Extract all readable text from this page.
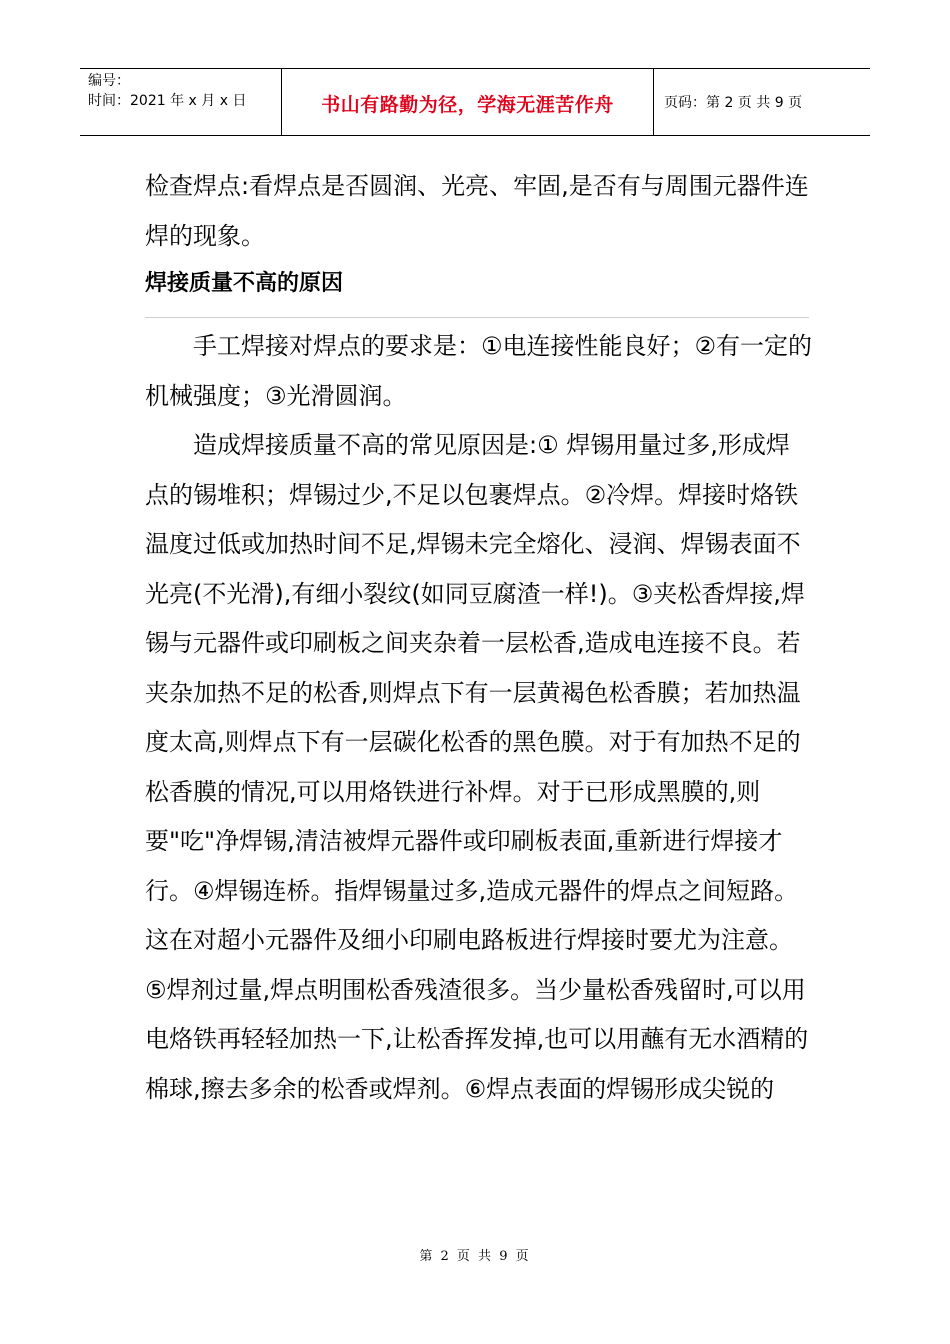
编号：
时间：2021 年 x 月 x 日	书山有路勤为径，学海无涯苦作舟	页码：第 2 页 共 9 页

检查焊点:看焊点是否圆润、光亮、牢固,是否有与周围元器件连焊的现象。

焊接质量不高的原因

手工焊接对焊点的要求是：①电连接性能良好；②有一定的机械强度；③光滑圆润。

造成焊接质量不高的常见原因是:① 焊锡用量过多,形成焊点的锡堆积；焊锡过少,不足以包裹焊点。②冷焊。焊接时烙铁温度过低或加热时间不足,焊锡未完全熔化、浸润、焊锡表面不光亮(不光滑),有细小裂纹(如同豆腐渣一样!)。③夹松香焊接,焊锡与元器件或印刷板之间夹杂着一层松香,造成电连接不良。若夹杂加热不足的松香,则焊点下有一层黄褐色松香膜；若加热温度太高,则焊点下有一层碳化松香的黑色膜。对于有加热不足的松香膜的情况,可以用烙铁进行补焊。对于已形成黑膜的,则要"吃"净焊锡,清洁被焊元器件或印刷板表面,重新进行焊接才行。④焊锡连桥。指焊锡量过多,造成元器件的焊点之间短路。这在对超小元器件及细小印刷电路板进行焊接时要尤为注意。⑤焊剂过量,焊点明围松香残渣很多。当少量松香残留时,可以用电烙铁再轻轻加热一下,让松香挥发掉,也可以用蘸有无水酒精的棉球,擦去多余的松香或焊剂。⑥焊点表面的焊锡形成尖锐的

第 2 页 共 9 页
